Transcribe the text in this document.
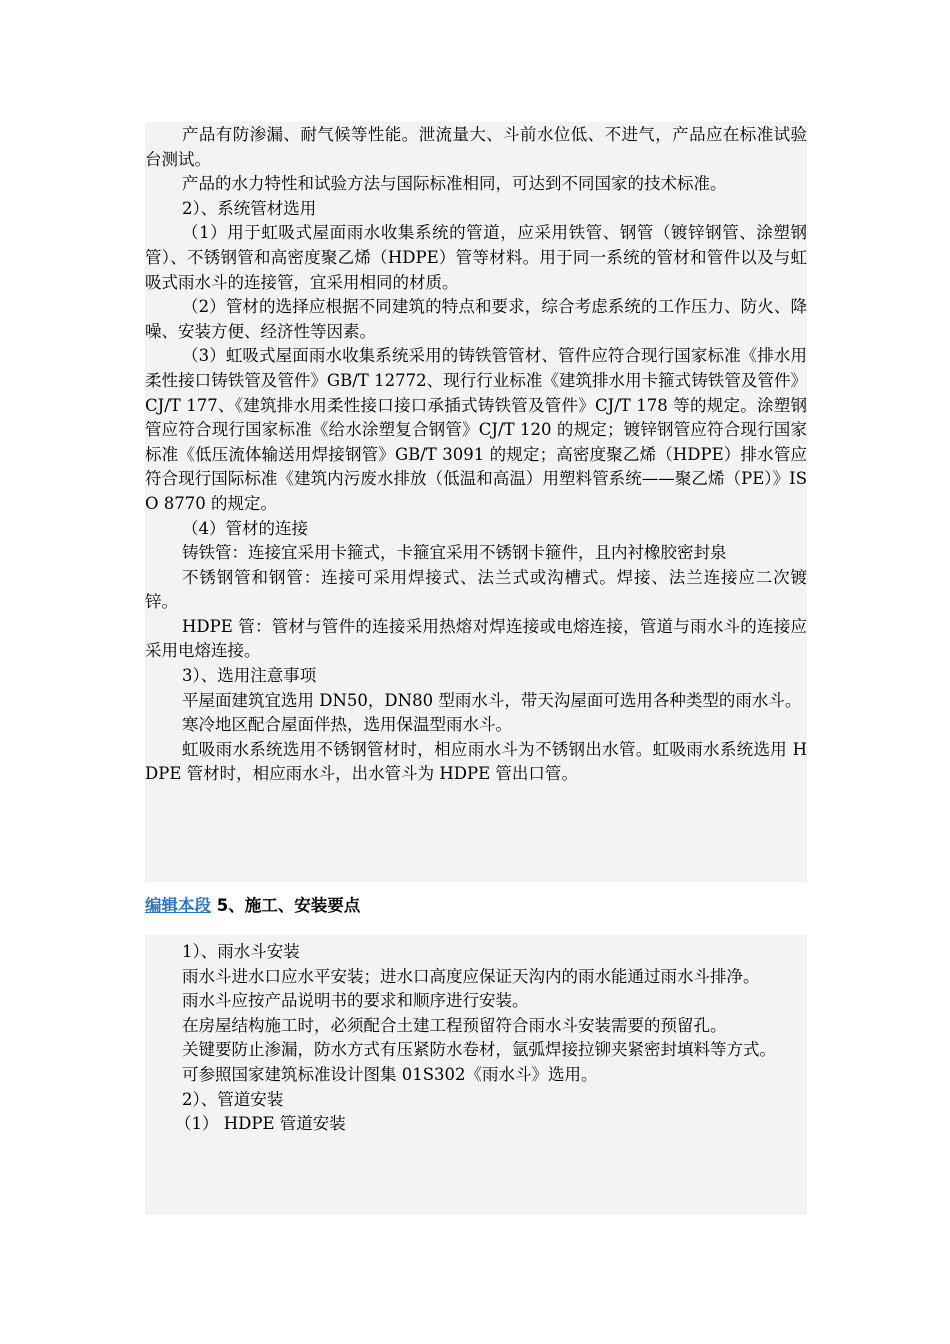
产品有防渗漏、耐气候等性能。泄流量大、斗前水位低、不进气，产品应在标准试验台测试。

产品的水力特性和试验方法与国际标准相同，可达到不同国家的技术标准。

2）、系统管材选用

（1）用于虹吸式屋面雨水收集系统的管道，应采用铁管、钢管（镀锌钢管、涂塑钢管）、不锈钢管和高密度聚乙烯（HDPE）管等材料。用于同一系统的管材和管件以及与虹吸式雨水斗的连接管，宜采用相同的材质。

（2）管材的选择应根据不同建筑的特点和要求，综合考虑系统的工作压力、防火、降噪、安装方便、经济性等因素。

（3）虹吸式屋面雨水收集系统采用的铸铁管管材、管件应符合现行国家标准《排水用柔性接口铸铁管及管件》GB/T 12772、现行行业标准《建筑排水用卡箍式铸铁管及管件》CJ/T 177、《建筑排水用柔性接口接口承插式铸铁管及管件》CJ/T 178 等的规定。涂塑钢管应符合现行国家标准《给水涂塑复合钢管》CJ/T 120 的规定；镀锌钢管应符合现行国家标准《低压流体输送用焊接钢管》GB/T 3091 的规定；高密度聚乙烯（HDPE）排水管应符合现行国际标准《建筑内污废水排放（低温和高温）用塑料管系统——聚乙烯（PE）》ISO 8770 的规定。

（4）管材的连接

铸铁管：连接宜采用卡箍式，卡箍宜采用不锈钢卡箍件，且内衬橡胶密封泉

不锈钢管和钢管：连接可采用焊接式、法兰式或沟槽式。焊接、法兰连接应二次镀锌。

HDPE 管：管材与管件的连接采用热熔对焊连接或电熔连接，管道与雨水斗的连接应采用电熔连接。

3）、选用注意事项

平屋面建筑宜选用 DN50，DN80 型雨水斗，带天沟屋面可选用各种类型的雨水斗。

寒冷地区配合屋面伴热，选用保温型雨水斗。

虹吸雨水系统选用不锈钢管材时，相应雨水斗为不锈钢出水管。虹吸雨水系统选用 HDPE 管材时，相应雨水斗，出水管斗为 HDPE 管出口管。

编辑本段 5、施工、安装要点

1）、雨水斗安装

雨水斗进水口应水平安装；进水口高度应保证天沟内的雨水能通过雨水斗排净。

雨水斗应按产品说明书的要求和顺序进行安装。

在房屋结构施工时，必须配合土建工程预留符合雨水斗安装需要的预留孔。

关键要防止渗漏，防水方式有压紧防水卷材，氩弧焊接拉铆夹紧密封填料等方式。

可参照国家建筑标准设计图集 01S302《雨水斗》选用。

2）、管道安装

（1） HDPE 管道安装
